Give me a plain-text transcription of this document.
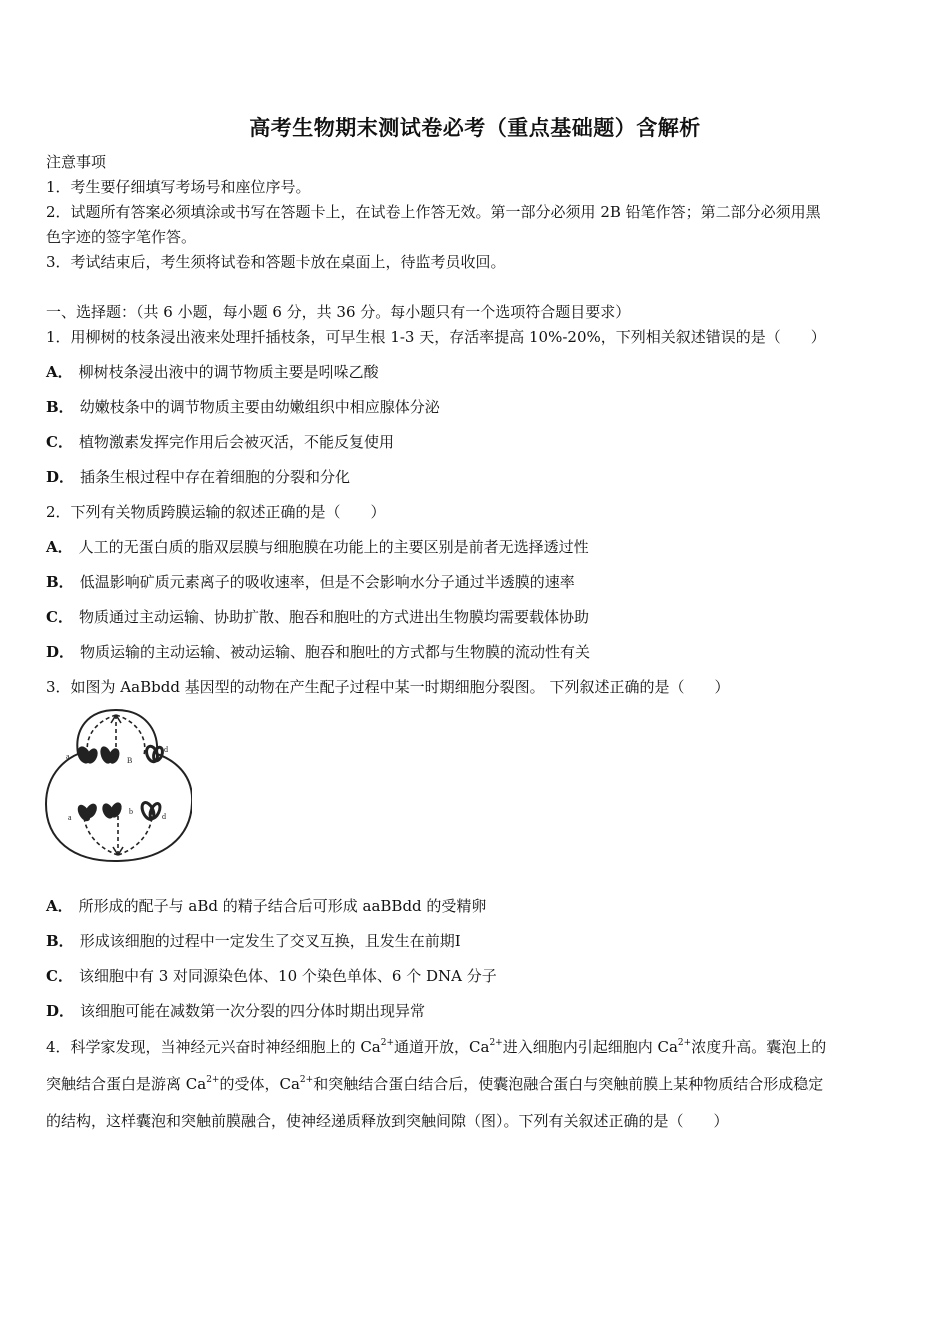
高考生物期末测试卷必考（重点基础题）含解析
注意事项
1．考生要仔细填写考场号和座位序号。
2．试题所有答案必须填涂或书写在答题卡上，在试卷上作答无效。第一部分必须用 2B 铅笔作答；第二部分必须用黑
色字迹的签字笔作答。
3．考试结束后，考生须将试卷和答题卡放在桌面上，待监考员收回。
一、选择题：（共 6 小题，每小题 6 分，共 36 分。每小题只有一个选项符合题目要求）
1．用柳树的枝条浸出液来处理扦插枝条，可早生根 1-3 天，存活率提高 10%-20%，下列相关叙述错误的是（　　）
A． 柳树枝条浸出液中的调节物质主要是吲哚乙酸
B． 幼嫩枝条中的调节物质主要由幼嫩组织中相应腺体分泌
C． 植物激素发挥完作用后会被灭活，不能反复使用
D． 插条生根过程中存在着细胞的分裂和分化
2．下列有关物质跨膜运输的叙述正确的是（　　）
A． 人工的无蛋白质的脂双层膜与细胞膜在功能上的主要区别是前者无选择透过性
B． 低温影响矿质元素离子的吸收速率，但是不会影响水分子通过半透膜的速率
C． 物质通过主动运输、协助扩散、胞吞和胞吐的方式进出生物膜均需要载体协助
D． 物质运输的主动运输、被动运输、胞吞和胞吐的方式都与生物膜的流动性有关
3．如图为 AaBbdd 基因型的动物在产生配子过程中某一时期细胞分裂图。 下列叙述正确的是（　　）
a	B
d
a
b
d
A． 所形成的配子与 aBd 的精子结合后可形成 aaBBdd 的受精卵
B． 形成该细胞的过程中一定发生了交叉互换，且发生在前期Ⅰ
C． 该细胞中有 3 对同源染色体、10 个染色单体、6 个 DNA 分子
D． 该细胞可能在减数第一次分裂的四分体时期出现异常
4．科学家发现，当神经元兴奋时神经细胞上的 $Ca^{2+}$通道开放，$Ca^{2+}$进入细胞内引起细胞内 $Ca^{2+}$浓度升高。囊泡上的
突触结合蛋白是游离 $Ca^{2+}$的受体，$Ca^{2+}$和突触结合蛋白结合后，使囊泡融合蛋白与突触前膜上某种物质结合形成稳定
的结构，这样囊泡和突触前膜融合，使神经递质释放到突触间隙（图）。下列有关叙述正确的是（　　）
